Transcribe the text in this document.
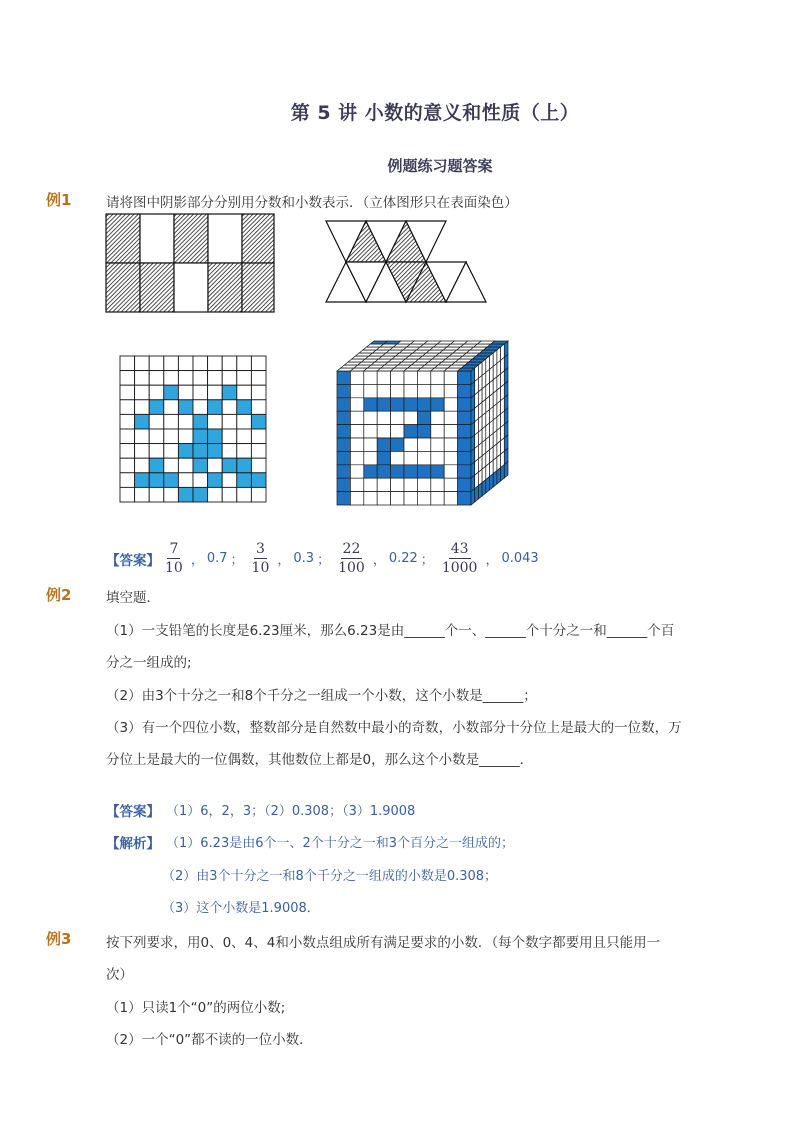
第 5 讲 小数的意义和性质（上）
例题练习题答案
例1	请将图中阴影部分分别用分数和小数表示．（立体图形只在表面染色）
【答案】 $\frac{7}{10}$ ， 0.7 ； $\frac{3}{10}$ ， 0.3 ； $\frac{22}{100}$ ， 0.22 ； $\frac{43}{1000}$ ， 0.043
例2	填空题．
（1）一支铅笔的长度是6.23厘米，那么6.23是由______个一、______个十分之一和______个百
分之一组成的;
（2）由3个十分之一和8个千分之一组成一个小数，这个小数是______；
（3）有一个四位小数，整数部分是自然数中最小的奇数，小数部分十分位上是最大的一位数，万
分位上是最大的一位偶数，其他数位上都是0，那么这个小数是______．
【答案】 （1）6，2，3；（2）0.308；（3）1.9008
【解析】 （1）6.23是由6个一、2个十分之一和3个百分之一组成的；
（2）由3个十分之一和8个千分之一组成的小数是0.308；
（3）这个小数是1.9008．
例3	按下列要求，用0、0、4、4和小数点组成所有满足要求的小数．（每个数字都要用且只能用一
次）
（1）只读1个“0”的两位小数;
（2）一个“0”都不读的一位小数．
